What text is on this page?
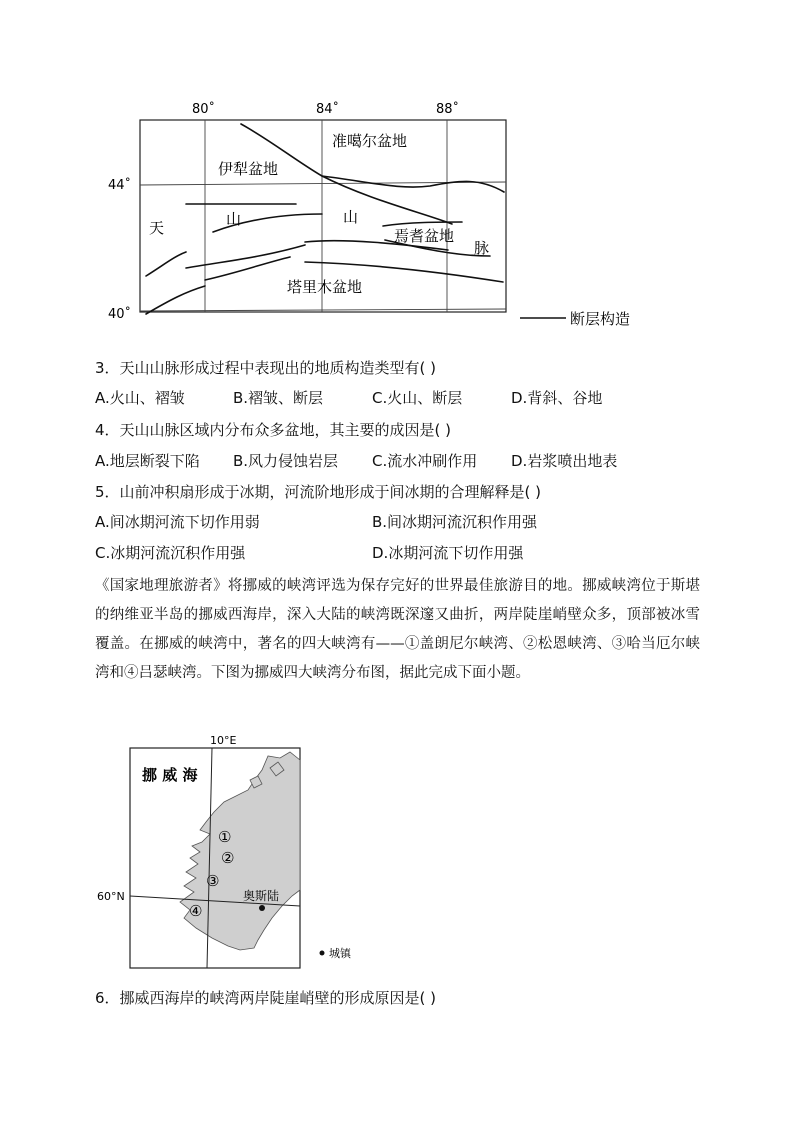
80˚	84˚	88˚
44˚
40˚
准噶尔盆地
伊犁盆地
天	山	山
焉耆盆地
脉
塔里木盆地
断层构造
3．天山山脉形成过程中表现出的地质构造类型有( )
A.火山、褶皱	B.褶皱、断层	C.火山、断层	D.背斜、谷地
4．天山山脉区域内分布众多盆地，其主要的成因是( )
A.地层断裂下陷 B.风力侵蚀岩层 C.流水冲刷作用 D.岩浆喷出地表
5．山前冲积扇形成于冰期，河流阶地形成于间冰期的合理解释是( )
A.间冰期河流下切作用弱	B.间冰期河流沉积作用强
C.冰期河流沉积作用强	D.冰期河流下切作用强
《国家地理旅游者》将挪威的峡湾评选为保存完好的世界最佳旅游目的地。挪威峡湾位于斯堪的纳维亚半岛的挪威西海岸，深入大陆的峡湾既深邃又曲折，两岸陡崖峭壁众多，顶部被冰雪覆盖。在挪威的峡湾中，著名的四大峡湾有——①盖朗尼尔峡湾、②松恩峡湾、③哈当厄尔峡湾和④吕瑟峡湾。下图为挪威四大峡湾分布图，据此完成下面小题。
10°E
60°N
挪 威 海
①
②
③
④
奥斯陆
城镇
6．挪威西海岸的峡湾两岸陡崖峭壁的形成原因是( )
